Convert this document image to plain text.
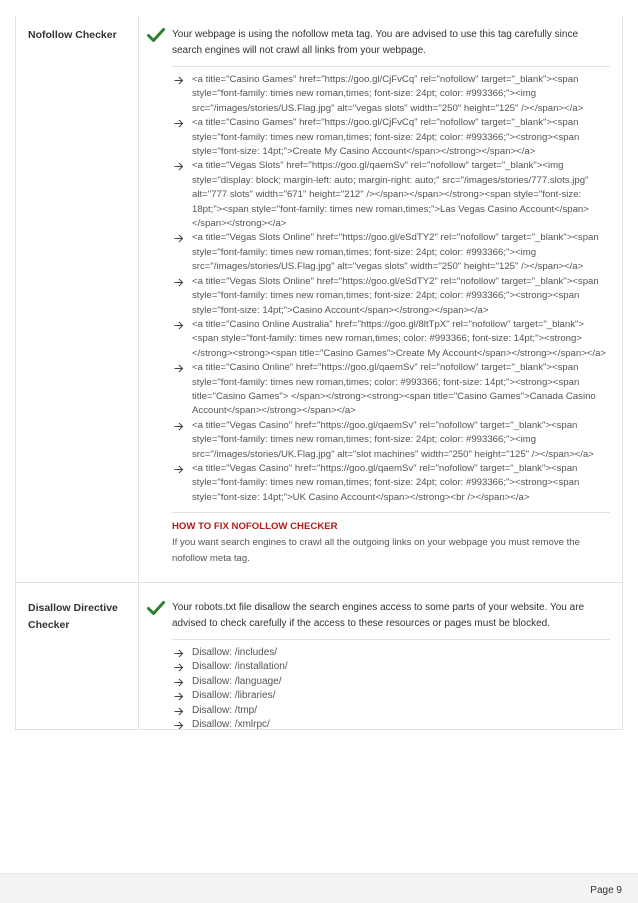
Nofollow Checker	Your webpage is using the nofollow meta tag. You are advised to use this tag carefully since search engines will not crawl all links from your webpage.

<a title="Casino Games" href="https://goo.gl/CjFvCq" rel="nofollow" target="_blank"><span style="font-family: times new roman,times; font-size: 24pt; color: #993366;"><img src="/images/stories/US.Flag.jpg" alt="vegas slots" width="250" height="125" /></span></a>
<a title="Casino Games" href="https://goo.gl/CjFvCq" rel="nofollow" target="_blank"><span style="font-family: times new roman,times; font-size: 24pt; color: #993366;"><strong><span style="font-size: 14pt;">Create My Casino Account</span></strong></span></a>
<a title="Vegas Slots" href="https://goo.gl/qaemSv" rel="nofollow" target="_blank"><img style="display: block; margin-left: auto; margin-right: auto;" src="/images/stories/777.slots.jpg" alt="777 slots" width="671" height="212" /></span></span></strong><span style="font-size: 18pt;"><span style="font-family: times new roman,times;">Las Vegas Casino Account</span></span></strong></a>
<a title="Vegas Slots Online" href="https://goo.gl/eSdTY2" rel="nofollow" target="_blank"><span style="font-family: times new roman,times; font-size: 24pt; color: #993366;"><img src="/images/stories/US.Flag.jpg" alt="vegas slots" width="250" height="125" /></span></a>
<a title="Vegas Slots Online" href="https://goo.gl/eSdTY2" rel="nofollow" target="_blank"><span style="font-family: times new roman,times; font-size: 24pt; color: #993366;"><strong><span style="font-size: 14pt;">Casino Account</span></strong></span></a>
<a title="Casino Online Australia" href="https://goo.gl/8ltTpX" rel="nofollow" target="_blank"><span style="font-family: times new roman,times; color: #993366; font-size: 14pt;"><strong></strong><strong><span title="Casino Games">Create My Account</span></strong></span></a>
<a title="Casino Online" href="https://goo.gl/qaemSv" rel="nofollow" target="_blank"><span style="font-family: times new roman,times; color: #993366; font-size: 14pt;"><strong><span title="Casino Games"> </span></strong><strong><span title="Casino Games">Canada Casino Account</span></strong></span></a>
<a title="Vegas Casino" href="https://goo.gl/qaemSv" rel="nofollow" target="_blank"><span style="font-family: times new roman,times; font-size: 24pt; color: #993366;"><img src="/images/stories/UK.Flag.jpg" alt="slot machines" width="250" height="125" /></span></a>
<a title="Vegas Casino" href="https://goo.gl/qaemSv" rel="nofollow" target="_blank"><span style="font-family: times new roman,times; font-size: 24pt; color: #993366;"><strong><span style="font-size: 14pt;">UK Casino Account</span></strong><br /></span></a>
HOW TO FIX NOFOLLOW CHECKER
If you want search engines to crawl all the outgoing links on your webpage you must remove the nofollow meta tag.
Disallow Directive Checker

Your robots.txt file disallow the search engines access to some parts of your website. You are advised to check carefully if the access to these resources or pages must be blocked.

Disallow: /includes/
Disallow: /installation/
Disallow: /language/
Disallow: /libraries/
Disallow: /tmp/
Disallow: /xmlrpc/
Page 9
